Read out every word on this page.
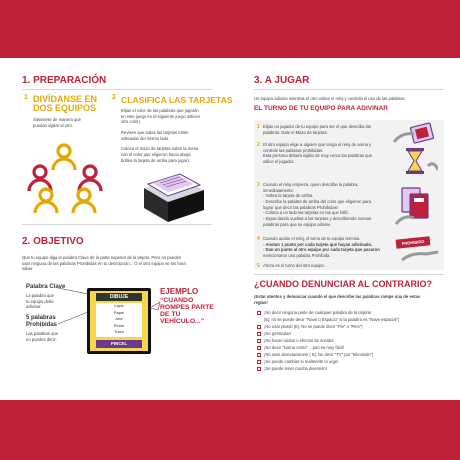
1. PREPARACIÓN
1 DIVÍDANSE EN
DOS EQUIPOS
Siéntense de manera que
puedan vigilar al otro.
2 CLASIFICA LAS TARJETAS
Elijan el color de las palabras que jugarán
en este juego en el siguiente juego utilicen
otro color).
Revisen que todas las tarjetas estén
volteadas del mismo lado.
Coloca el mazo de tarjetas sobre la mesa
con el color que eligieron hacia abajo;
boltea la tarjeta de arriba para jugar).
2. OBJETIVO
Que tu equipo diga la palabra Clave de la parte superior de la tarjeta. Pero no pueden
usar ninguna de las palabras Prohibidas en tu descripción... O el otro equipo se los hará
saber.
Palabra Clave
La palabra que
tu equipo debe
adivinar.
5 palabras
Prohibidas
Las palabras que
no puedes decir.
DIBUJE
Lapiz
Papel
Arte
Pintar
Trazo
PINCEL
EJEMPLO
“CUANDO
ROMPES PARTE
DE TU
VEHÍCULO...”
3. A JUGAR
Un equipo adivina mientras el otro voltea el reloj y controla el uso de las palabras.
EL TURNO DE TU EQUIPO PARA ADIVINAR
1 Elijan un jugador de tu equipo para ser el que describa las
palabras. Dale el Mazo de tarjetas.
2 El otro equipo elige a alguien que tenga el reloj de arena y
controle las palabras prohibidas.
Esta persona deberá vigilar de muy cerca las palabras que
utilice el jugador.
3 Cuando el reloj empieza, quien describe la palabra,
inmediatamente:
- Voltea la tarjeta de arriba.
- Describe la palabra de arriba del color que eligieron para
lograr que decir las palabras Prohibidas!
- Coloca a un lado las tarjetas en las que falló.
- Sigue dando vueltas a las tarjetas y describiendo nuevas
palabras para que su equipo adivine.
4 Cuando acabe el reloj, el turno de tu equipo termina.
- Anotan 1 punto por cada tarjeta que hayan adivinado.
- Dan un punto al otro equipo por cada tarjeta que pasaron
mencionaron una palabra Prohibida.
5 Ahora es el turno del otro equipo.
PROHIBIDO
¿CUANDO DENUNCIAR AL CONTRARIO?
¡Estar atentos y denunciar cuando el que describe las palabras rompe una de estas
reglas!
¡No decir ninguna parte de cualquier palabra de la tarjeta!
(Ej: no se puede decir "Nave o Espacio" si la palabra es "Nave espacial")
¡No usar plural! (Ej: No se puede decir "Pie" o "Pies")
¡No gesticular!
¡No hacer ruidos o efectos de sonido!
¡No decir "suena como" ...poo es muy fácil!
¡No usar abreviaciones! ( Ej: No decir "TV" por "televisión")
¡Se puede cambiar si realmente lo urge!
¡Se puede tener mucha diversión!
